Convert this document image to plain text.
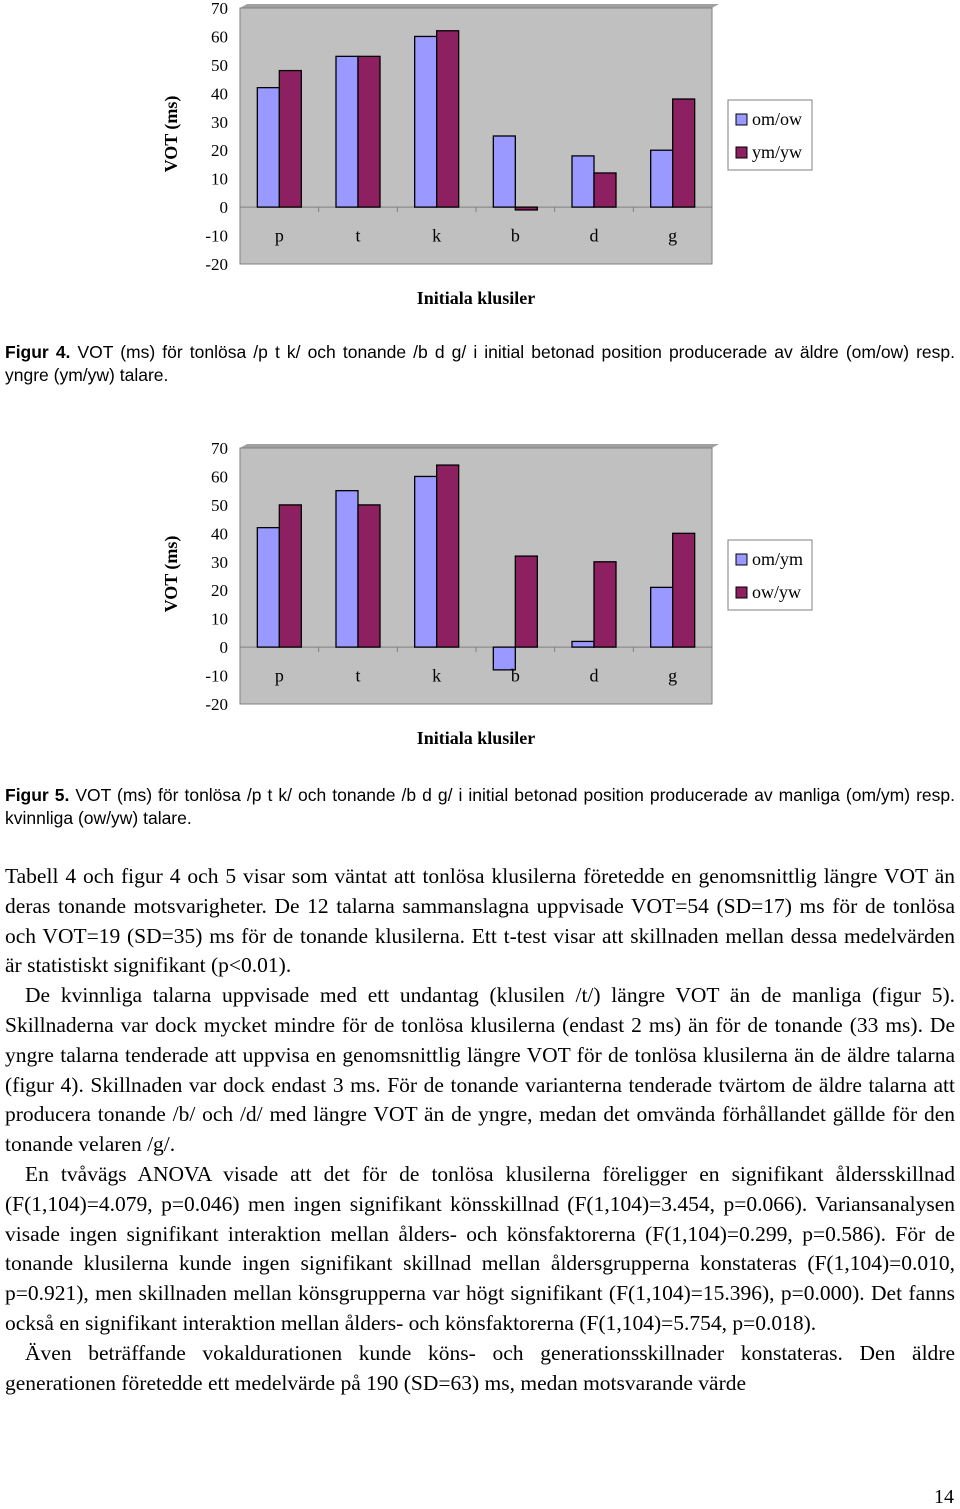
70
60
50
40
30
20
10
0
-10
-20
p	t	k	b	d	g
VOT (ms)
Initiala klusiler
om/ow
ym/yw
Figur 4. VOT (ms) för tonlösa /p t k/ och tonande /b d g/ i initial betonad position producerade av äldre (om/ow) resp. yngre (ym/yw) talare.
70
60
50
40
30
20
10
0
-10
-20
p	t	k	b	d	g
VOT (ms)
Initiala klusiler
om/ym
ow/yw
Figur 5. VOT (ms) för tonlösa /p t k/ och tonande /b d g/ i initial betonad position producerade av manliga (om/ym) resp. kvinnliga (ow/yw) talare.

Tabell 4 och figur 4 och 5 visar som väntat att tonlösa klusilerna företedde en genomsnittlig längre VOT än deras tonande motsvarigheter. De 12 talarna sammanslagna uppvisade VOT=54 (SD=17) ms för de tonlösa och VOT=19 (SD=35) ms för de tonande klusilerna. Ett t-test visar att skillnaden mellan dessa medelvärden är statistiskt signifikant (p<0.01).

De kvinnliga talarna uppvisade med ett undantag (klusilen /t/) längre VOT än de manliga (figur 5). Skillnaderna var dock mycket mindre för de tonlösa klusilerna (endast 2 ms) än för de tonande (33 ms). De yngre talarna tenderade att uppvisa en genomsnittlig längre VOT för de tonlösa klusilerna än de äldre talarna (figur 4). Skillnaden var dock endast 3 ms. För de tonande varianterna tenderade tvärtom de äldre talarna att producera tonande /b/ och /d/ med längre VOT än de yngre, medan det omvända förhållandet gällde för den tonande velaren /g/.

En tvåvägs ANOVA visade att det för de tonlösa klusilerna föreligger en signifikant åldersskillnad (F(1,104)=4.079, p=0.046) men ingen signifikant könsskillnad (F(1,104)=3.454, p=0.066). Variansanalysen visade ingen signifikant interaktion mellan ålders- och könsfaktorerna (F(1,104)=0.299, p=0.586). För de tonande klusilerna kunde ingen signifikant skillnad mellan åldersgrupperna konstateras (F(1,104)=0.010, p=0.921), men skillnaden mellan könsgrupperna var högt signifikant (F(1,104)=15.396), p=0.000). Det fanns också en signifikant interaktion mellan ålders- och könsfaktorerna (F(1,104)=5.754, p=0.018).

Även beträffande vokaldurationen kunde köns- och generationsskillnader konstateras. Den äldre generationen företedde ett medelvärde på 190 (SD=63) ms, medan motsvarande värde

14
